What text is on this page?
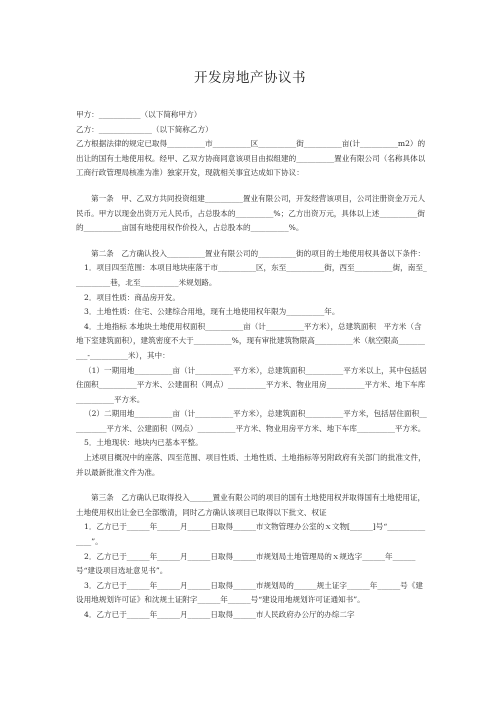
开发房地产协议书

甲方：___________（以下简称甲方）

乙方：______________（以下简称乙方）

乙方根据法律的规定已取得__________市__________区__________街__________亩(计__________m2）的出让的国有土地使用权。经甲、乙双方协商同意该项目由拟组建的__________置业有限公司（名称具体以工商行政管理局核准为准）独家开发，现就相关事宜达成如下协议：

第一条　甲、乙双方共同投资组建__________置业有限公司，开发经营该项目，公司注册资金万元人民币。甲方以现金出资万元人民币，占总股本的__________%；乙方出资万元，具体以上述__________街的__________亩国有地使用权作价投入，占总股本的__________%。

第二条　乙方确认投入__________置业有限公司的__________街的项目的土地使用权具备以下条件：

1．项目四至范围：本项目地块座落于市__________区，东至__________街，西至__________街，南至__________巷，北至__________米规划路。

2．项目性质：商品房开发。

3．土地性质：住宅、公建综合用地，现有土地使用权年限为__________年。

4．土地指标 本地块土地使用权面积__________亩（计__________平方米），总建筑面积　平方米（含地下室建筑面积），建筑密度不大于__________%，现有审批建筑物限高__________米（航空限高__________-__________米），其中：

（1）一期用地__________亩（计__________平方米），总建筑面积__________平方米以上，其中包括居住面积__________平方米、公建面积（网点）__________平方米、物业用房__________平方米、地下车库__________平方米。

（2）二期用地__________亩（计__________平方米），总建筑面积__________平方米，包括居住面积__________平方米、公建面积（网点）__________平方米、物业用房平方米、地下车库__________平方米。

5．土地现状：地块内已基本平整。

上述项目概况中的座落、四至范围、项目性质、土地性质、土地指标等另附政府有关部门的批准文件，并以最新批准文件为准。

第三条　乙方确认已取得投入______置业有限公司的项目的国有土地使用权并取得国有土地使用证，土地使用权出让金已全部缴清，同时乙方确认该项目已取得以下批文、权证

1．乙方已于______年______月______日取得______市文物管理办公室的ｘ文物[______]号“______________”。

2．乙方已于______年______月______日取得______市规划局土地管理局的ｘ规选字______年______号“建设项目选址意见书”。

3．乙方已于______年______月______日取得______市规划局的______规土证字______年______号《建设用地规划许可证》和沈规土证附字______年______号“建设用地规划许可证通知书”。

4．乙方已于______年______月______日取得______市人民政府办公厅的办综二字
